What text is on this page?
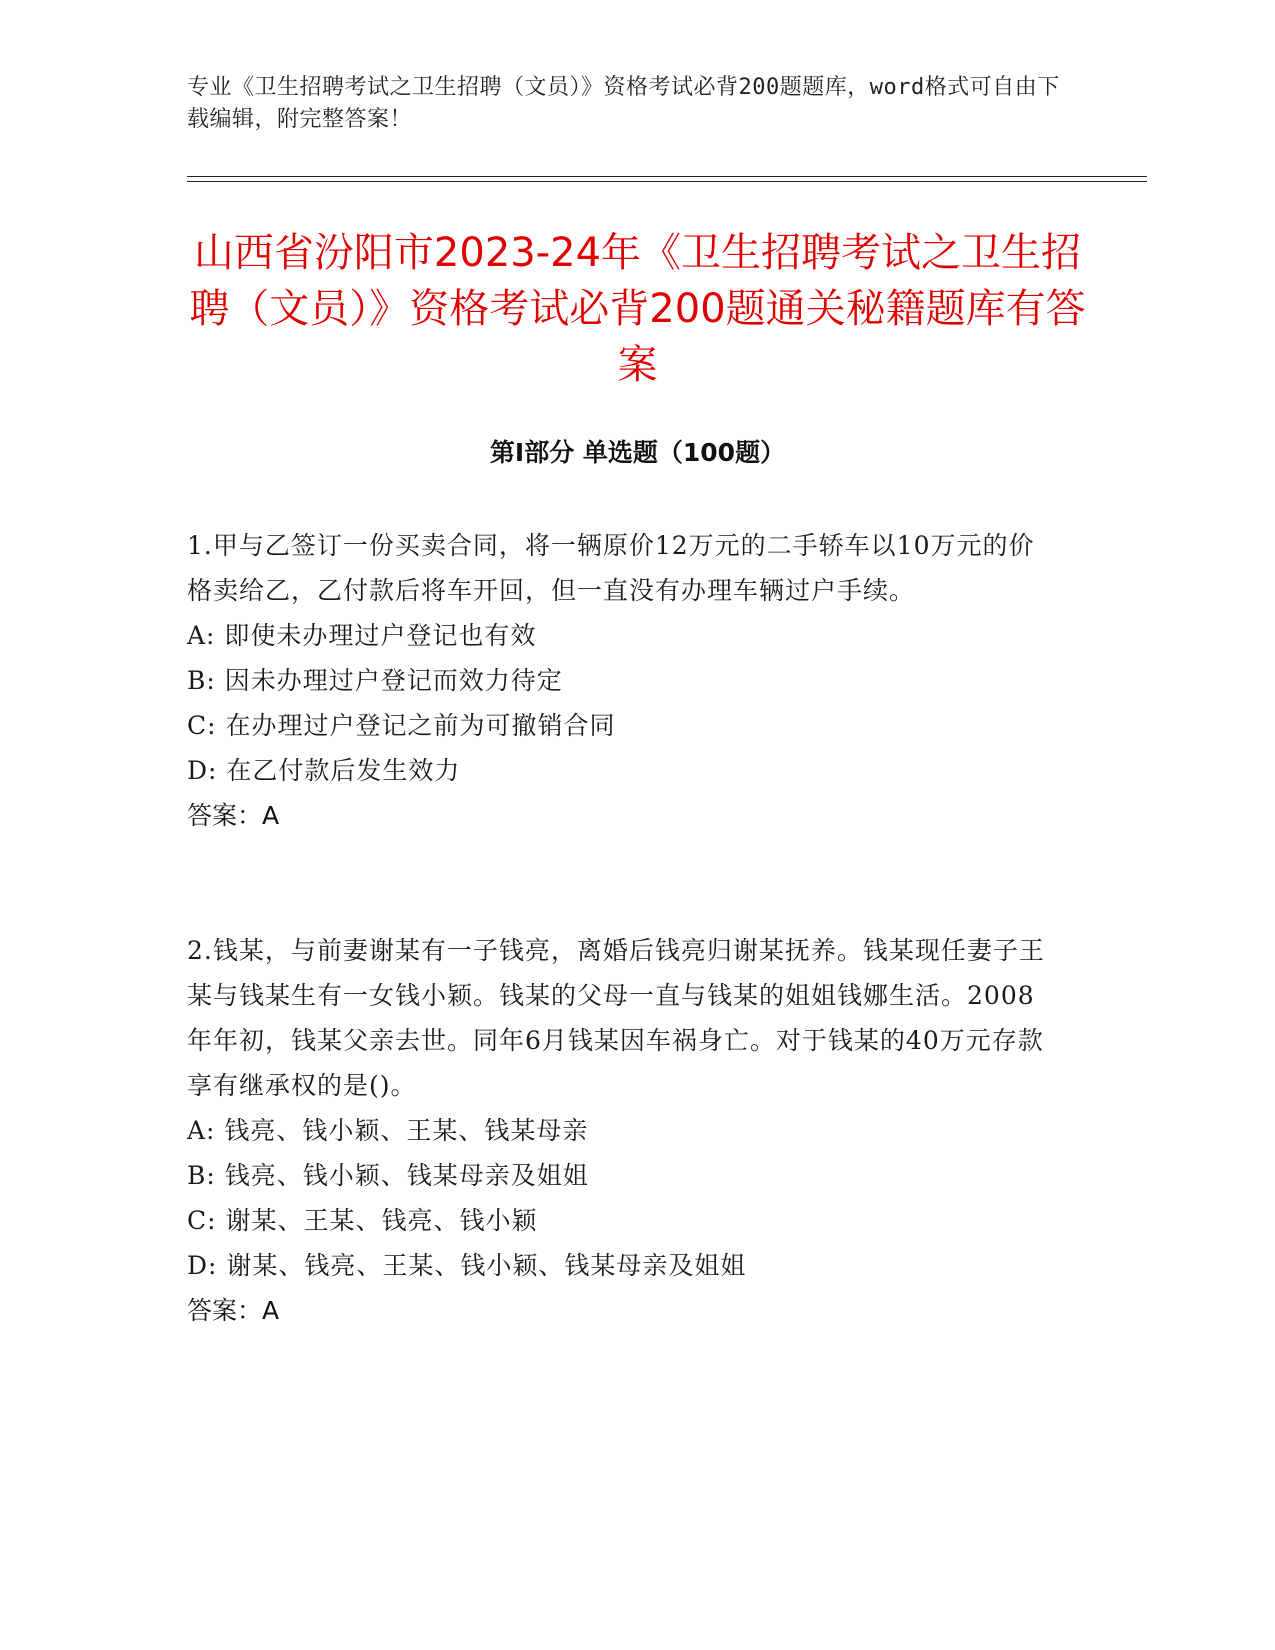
专业《卫生招聘考试之卫生招聘（文员）》资格考试必背200题题库，word格式可自由下载编辑，附完整答案！
山西省汾阳市2023-24年《卫生招聘考试之卫生招聘（文员）》资格考试必背200题通关秘籍题库有答案
第Ⅰ部分 单选题（100题）

1.甲与乙签订一份买卖合同，将一辆原价12万元的二手轿车以10万元的价格卖给乙，乙付款后将车开回，但一直没有办理车辆过户手续。

A: 即使未办理过户登记也有效

B: 因未办理过户登记而效力待定

C: 在办理过户登记之前为可撤销合同

D: 在乙付款后发生效力

答案：A

2.钱某，与前妻谢某有一子钱亮，离婚后钱亮归谢某抚养。钱某现任妻子王某与钱某生有一女钱小颖。钱某的父母一直与钱某的姐姐钱娜生活。2008年年初，钱某父亲去世。同年6月钱某因车祸身亡。对于钱某的40万元存款享有继承权的是()。

A: 钱亮、钱小颖、王某、钱某母亲

B: 钱亮、钱小颖、钱某母亲及姐姐

C: 谢某、王某、钱亮、钱小颖

D: 谢某、钱亮、王某、钱小颖、钱某母亲及姐姐

答案：A
